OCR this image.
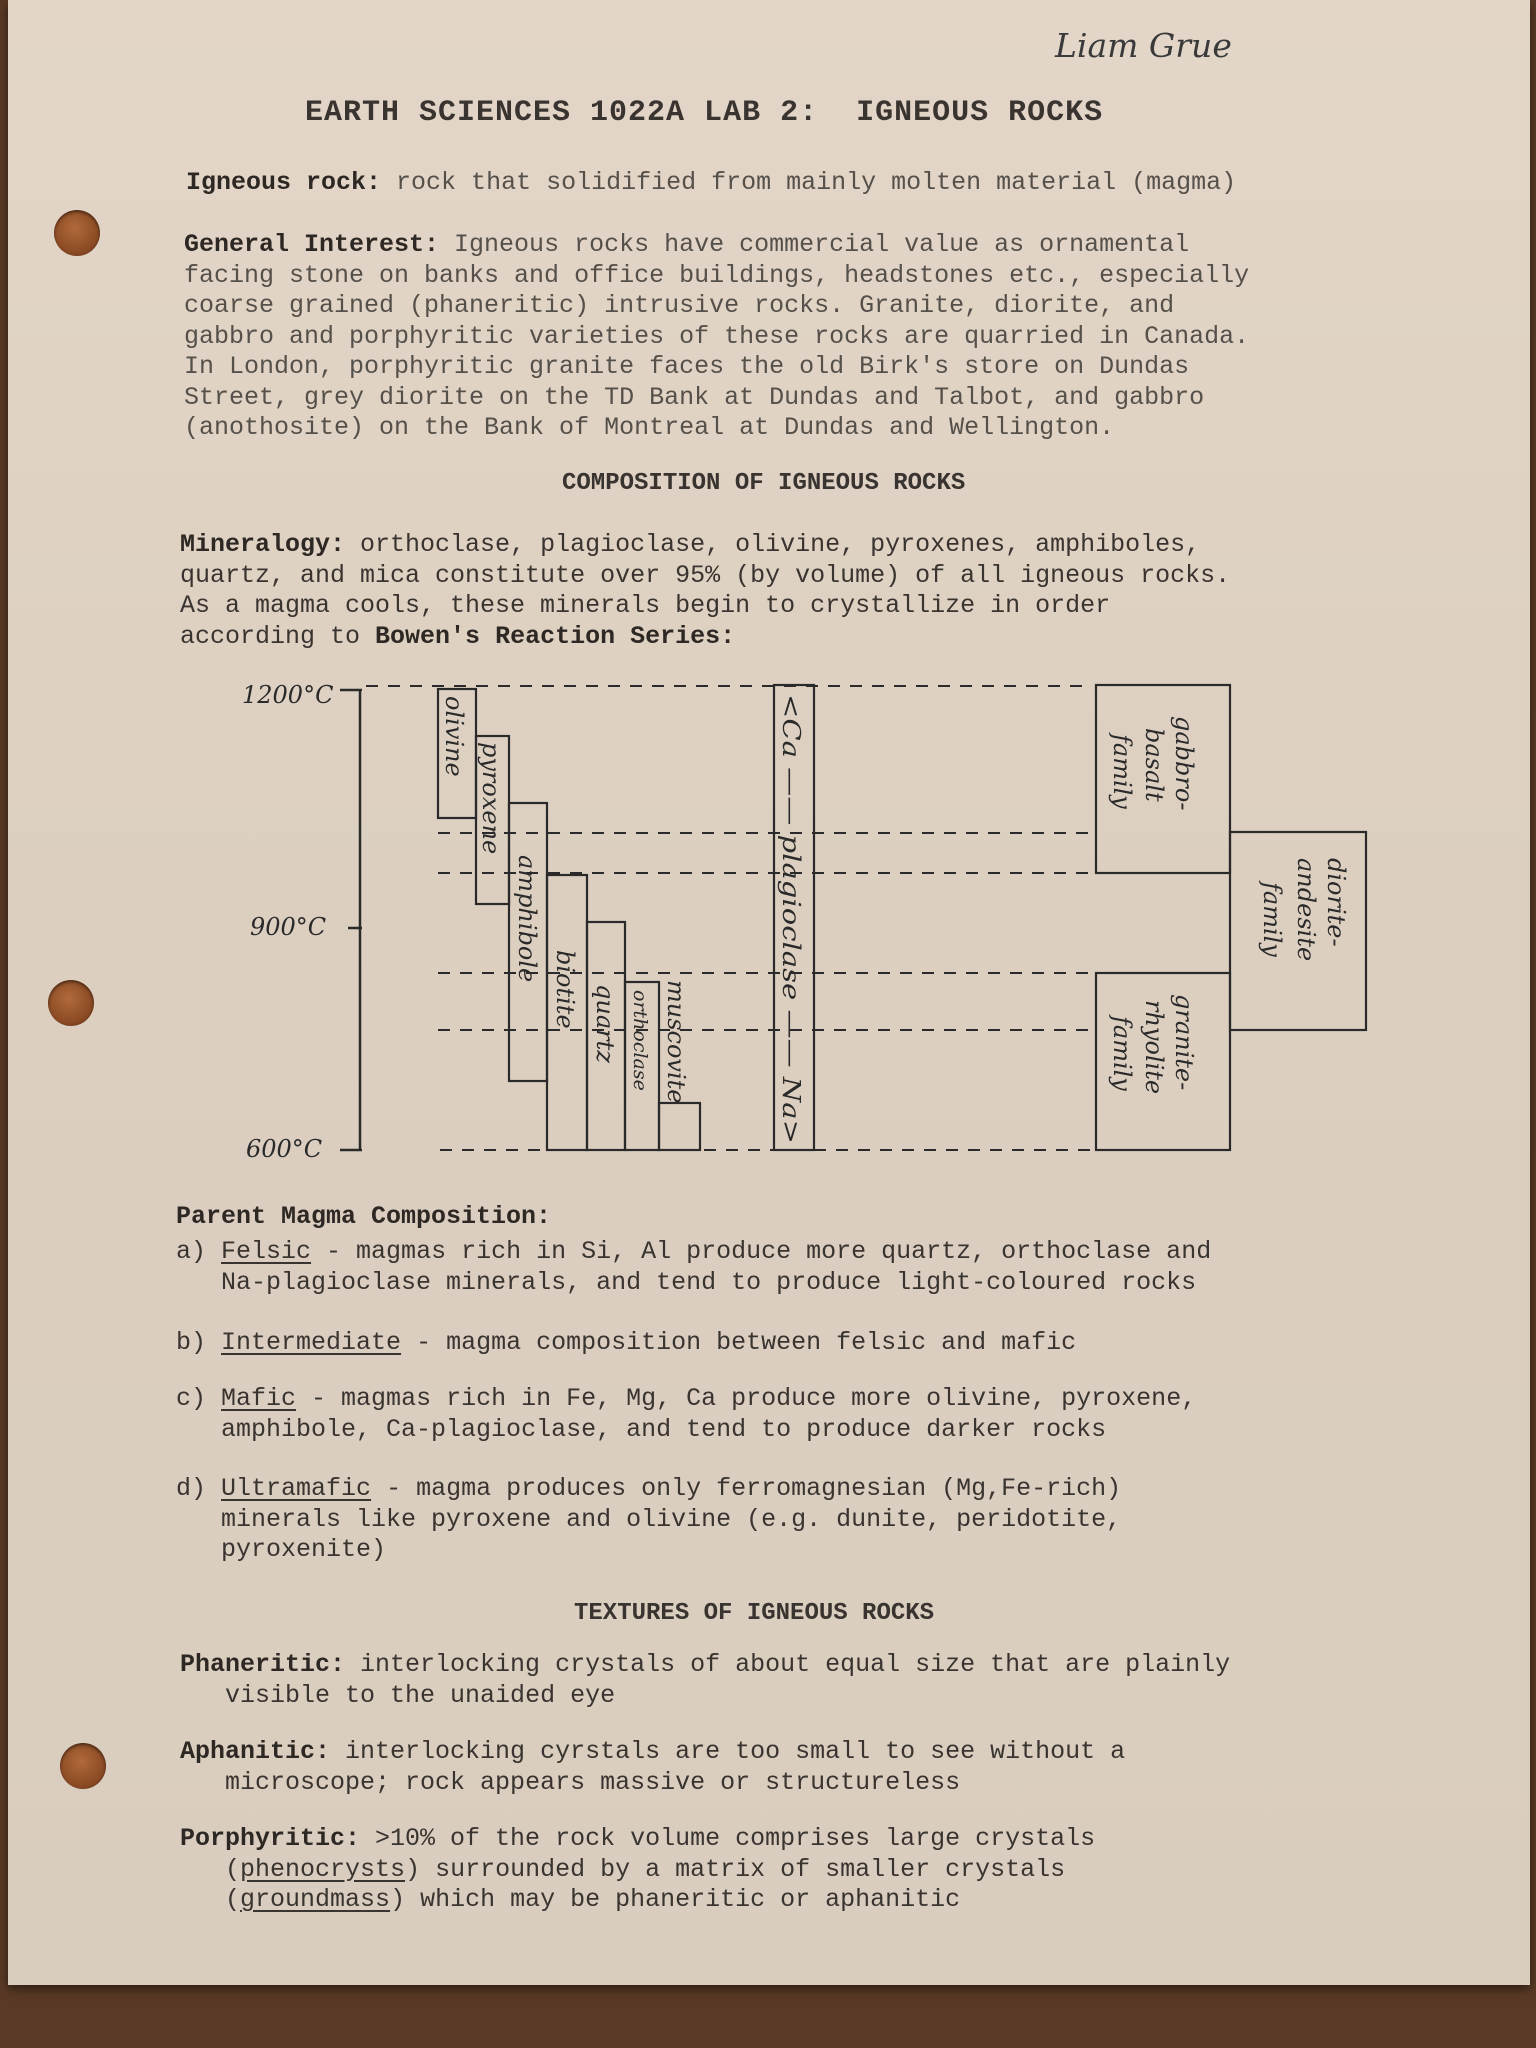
Liam Grue
EARTH SCIENCES 1022A LAB 2:  IGNEOUS ROCKS
Igneous rock: rock that solidified from mainly molten material (magma)
General Interest: Igneous rocks have commercial value as ornamental
facing stone on banks and office buildings, headstones etc., especially
coarse grained (phaneritic) intrusive rocks. Granite, diorite, and
gabbro and porphyritic varieties of these rocks are quarried in Canada.
In London, porphyritic granite faces the old Birk's store on Dundas
Street, grey diorite on the TD Bank at Dundas and Talbot, and gabbro
(anothosite) on the Bank of Montreal at Dundas and Wellington.
COMPOSITION OF IGNEOUS ROCKS
Mineralogy: orthoclase, plagioclase, olivine, pyroxenes, amphiboles,
quartz, and mica constitute over 95% (by volume) of all igneous rocks.
As a magma cools, these minerals begin to crystallize in order
according to Bowen's Reaction Series:
1200°C
900°C
600°C
olivine
pyroxene
amphibole
biotite quartz orthoclase muscovite	<Ca —— plagioclase —— Na>	gabbro-
basalt
family
diorite-
andesite
family
granite-
rhyolite
family
Parent Magma Composition:
a) Felsic - magmas rich in Si, Al produce more quartz, orthoclase and
Na-plagioclase minerals, and tend to produce light-coloured rocks
b) Intermediate - magma composition between felsic and mafic
c) Mafic - magmas rich in Fe, Mg, Ca produce more olivine, pyroxene,
amphibole, Ca-plagioclase, and tend to produce darker rocks
d) Ultramafic - magma produces only ferromagnesian (Mg,Fe-rich)
minerals like pyroxene and olivine (e.g. dunite, peridotite,
pyroxenite)
TEXTURES OF IGNEOUS ROCKS
Phaneritic: interlocking crystals of about equal size that are plainly
visible to the unaided eye
Aphanitic: interlocking cyrstals are too small to see without a
microscope; rock appears massive or structureless
Porphyritic: >10% of the rock volume comprises large crystals
(phenocrysts) surrounded by a matrix of smaller crystals
(groundmass) which may be phaneritic or aphanitic
